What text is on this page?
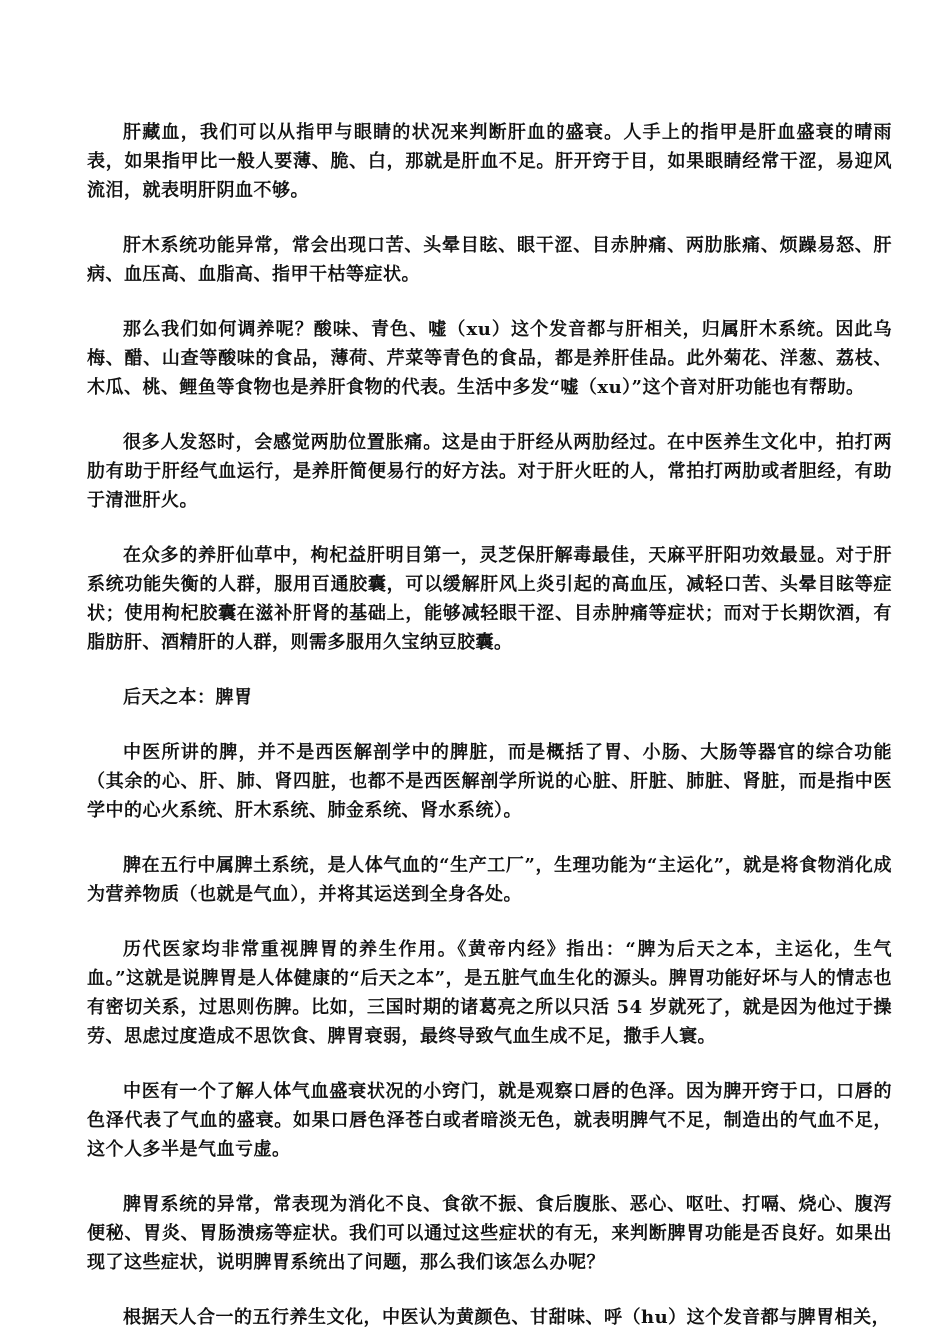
肝藏血，我们可以从指甲与眼睛的状况来判断肝血的盛衰。人手上的指甲是肝血盛衰的晴雨表，如果指甲比一般人要薄、脆、白，那就是肝血不足。肝开窍于目，如果眼睛经常干涩，易迎风流泪，就表明肝阴血不够。

肝木系统功能异常，常会出现口苦、头晕目眩、眼干涩、目赤肿痛、两肋胀痛、烦躁易怒、肝病、血压高、血脂高、指甲干枯等症状。

那么我们如何调养呢？酸味、青色、嘘（xu）这个发音都与肝相关，归属肝木系统。因此乌梅、醋、山查等酸味的食品，薄荷、芹菜等青色的食品，都是养肝佳品。此外菊花、洋葱、荔枝、木瓜、桃、鲤鱼等食物也是养肝食物的代表。生活中多发“嘘（xu）”这个音对肝功能也有帮助。

很多人发怒时，会感觉两肋位置胀痛。这是由于肝经从两肋经过。在中医养生文化中，拍打两肋有助于肝经气血运行，是养肝简便易行的好方法。对于肝火旺的人，常拍打两肋或者胆经，有助于清泄肝火。

在众多的养肝仙草中，枸杞益肝明目第一，灵芝保肝解毒最佳，天麻平肝阳功效最显。对于肝系统功能失衡的人群，服用百通胶囊，可以缓解肝风上炎引起的高血压，减轻口苦、头晕目眩等症状；使用枸杞胶囊在滋补肝肾的基础上，能够减轻眼干涩、目赤肿痛等症状；而对于长期饮酒，有脂肪肝、酒精肝的人群，则需多服用久宝纳豆胶囊。

后天之本：脾胃

中医所讲的脾，并不是西医解剖学中的脾脏，而是概括了胃、小肠、大肠等器官的综合功能（其余的心、肝、肺、肾四脏，也都不是西医解剖学所说的心脏、肝脏、肺脏、肾脏，而是指中医学中的心火系统、肝木系统、肺金系统、肾水系统）。

脾在五行中属脾土系统，是人体气血的“生产工厂”，生理功能为“主运化”，就是将食物消化成为营养物质（也就是气血），并将其运送到全身各处。

历代医家均非常重视脾胃的养生作用。《黄帝内经》指出：“脾为后天之本，主运化，生气血。”这就是说脾胃是人体健康的“后天之本”，是五脏气血生化的源头。脾胃功能好坏与人的情志也有密切关系，过思则伤脾。比如，三国时期的诸葛亮之所以只活 54 岁就死了，就是因为他过于操劳、思虑过度造成不思饮食、脾胃衰弱，最终导致气血生成不足，撒手人寰。

中医有一个了解人体气血盛衰状况的小窍门，就是观察口唇的色泽。因为脾开窍于口，口唇的色泽代表了气血的盛衰。如果口唇色泽苍白或者暗淡无色，就表明脾气不足，制造出的气血不足，这个人多半是气血亏虚。

脾胃系统的异常，常表现为消化不良、食欲不振、食后腹胀、恶心、呕吐、打嗝、烧心、腹泻便秘、胃炎、胃肠溃疡等症状。我们可以通过这些症状的有无，来判断脾胃功能是否良好。如果出现了这些症状，说明脾胃系统出了问题，那么我们该怎么办呢？

根据天人合一的五行养生文化，中医认为黄颜色、甘甜味、呼（hu）这个发音都与脾胃相关，
